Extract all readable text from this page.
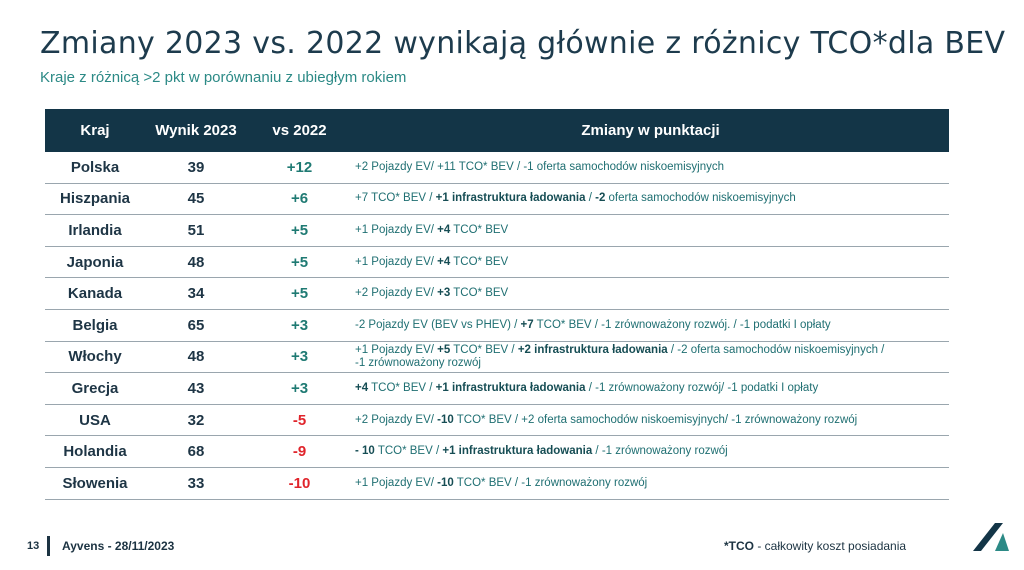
Zmiany 2023 vs. 2022 wynikają głównie z różnicy TCO*dla BEV
Kraje z różnicą >2 pkt w porównaniu z ubiegłym rokiem
Kraj	Wynik 2023	vs 2022	Zmiany w punktacji
Polska	39	+12	+2 Pojazdy EV/ +11 TCO* BEV / -1 oferta samochodów niskoemisyjnych
Hiszpania	45	+6	+7 TCO* BEV / +1 infrastruktura ładowania / -2 oferta samochodów niskoemisyjnych
Irlandia	51	+5	+1 Pojazdy EV/ +4 TCO* BEV
Japonia	48	+5	+1 Pojazdy EV/ +4 TCO* BEV
Kanada	34	+5	+2 Pojazdy EV/ +3 TCO* BEV
Belgia	65	+3	-2 Pojazdy EV (BEV vs PHEV) / +7 TCO* BEV / -1 zrównoważony rozwój. / -1 podatki I opłaty
Włochy	48	+3	+1 Pojazdy EV/ +5 TCO* BEV / +2 infrastruktura ładowania / -2 oferta samochodów niskoemisyjnych /
-1 zrównoważony rozwój
Grecja	43	+3	+4 TCO* BEV / +1 infrastruktura ładowania / -1 zrównoważony rozwój/ -1 podatki I opłaty
USA	32	-5	+2 Pojazdy EV/ -10 TCO* BEV / +2 oferta samochodów niskoemisyjnych/ -1 zrównoważony rozwój
Holandia	68	-9	- 10 TCO* BEV / +1 infrastruktura ładowania / -1 zrównoważony rozwój
Słowenia	33	-10	+1 Pojazdy EV/ -10 TCO* BEV / -1 zrównoważony rozwój
13 Ayvens - 28/11/2023	*TCO - całkowity koszt posiadania
